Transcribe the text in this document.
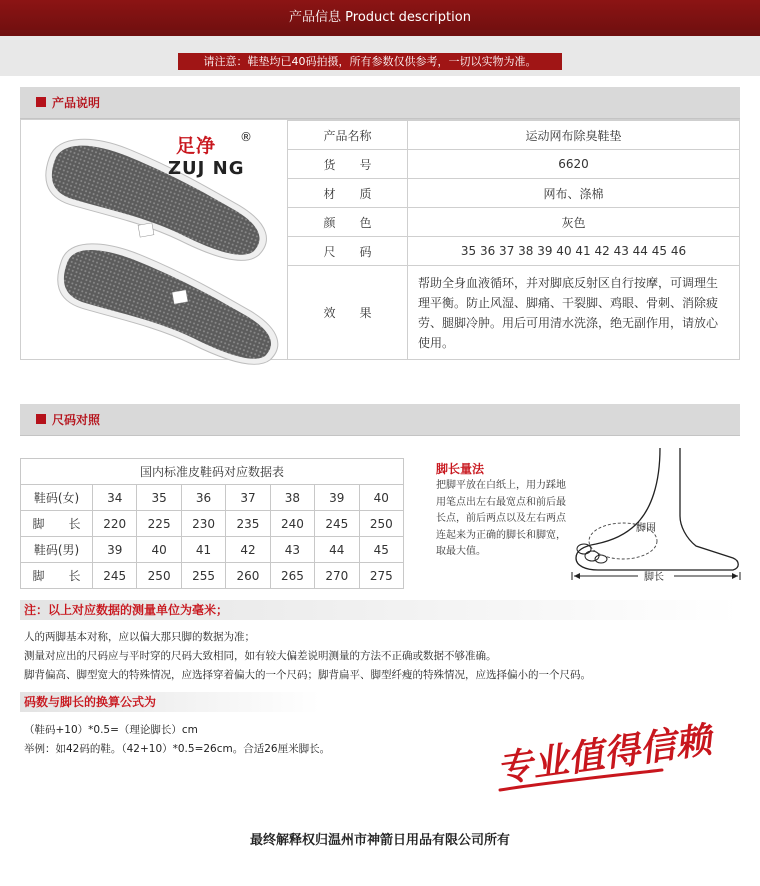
产品信息 Product description
请注意：鞋垫均已40码拍摄，所有参数仅供参考，一切以实物为准。
产品说明
足净
ZUJ NG
®	产品名称	运动网布除臭鞋垫
货　　号	6620
材　　质	网布、涤棉
颜　　色	灰色
尺　　码	35 36 37 38 39 40 41 42 43 44 45 46
效　　果	帮助全身血液循环，并对脚底反射区自行按摩，可调理生理平衡。防止风湿、脚痛、干裂脚、鸡眼、骨刺、消除疲劳、腿脚冷肿。用后可用清水洗涤，绝无副作用，请放心使用。
尺码对照
国内标准皮鞋码对应数据表							
鞋码(女)	34	35	36	37	38	39	40
脚　　长	220	225	230	235	240	245	250
鞋码(男)	39	40	41	42	43	44	45
脚　　长	245	250	255	260	265	270	275
脚长量法
把脚平放在白纸上，用力踩地用笔点出左右最宽点和前后最长点，前后两点以及左右两点连起来为正确的脚长和脚宽，取最大值。
脚围
脚长
注：以上对应数据的测量单位为毫米；
人的两脚基本对称，应以偏大那只脚的数据为准；
测量对应出的尺码应与平时穿的尺码大致相同，如有较大偏差说明测量的方法不正确或数据不够准确。
脚背偏高、脚型宽大的特殊情况，应选择穿着偏大的一个尺码；脚背扁平、脚型纤瘦的特殊情况，应选择偏小的一个尺码。
码数与脚长的换算公式为
（鞋码+10）*0.5=（理论脚长）cm
举例：如42码的鞋。（42+10）*0.5=26cm。合适26厘米脚长。	专业值得信赖
最终解释权归温州市神箭日用品有限公司所有
